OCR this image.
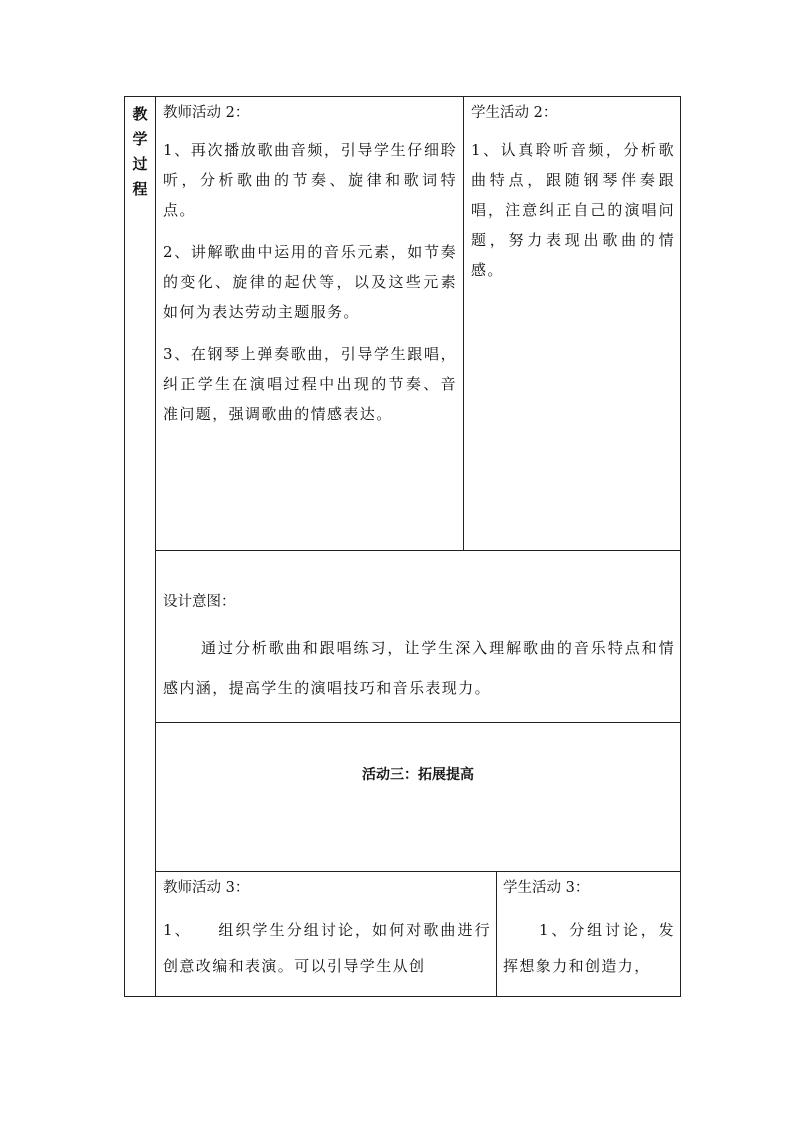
教
学
过
程

教师活动 2：

1、再次播放歌曲音频，引导学生仔细聆听，分析歌曲的节奏、旋律和歌词特点。

2、讲解歌曲中运用的音乐元素，如节奏的变化、旋律的起伏等，以及这些元素如何为表达劳动主题服务。

3、在钢琴上弹奏歌曲，引导学生跟唱，纠正学生在演唱过程中出现的节奏、音准问题，强调歌曲的情感表达。

学生活动 2：

1、认真聆听音频，分析歌曲特点，跟随钢琴伴奏跟唱，注意纠正自己的演唱问题，努力表现出歌曲的情感。

设计意图：

通过分析歌曲和跟唱练习，让学生深入理解歌曲的音乐特点和情感内涵，提高学生的演唱技巧和音乐表现力。

活动三：拓展提高

教师活动 3：

1、　　组织学生分组讨论，如何对歌曲进行创意改编和表演。可以引导学生从创

学生活动 3：

1、分组讨论，发挥想象力和创造力，
